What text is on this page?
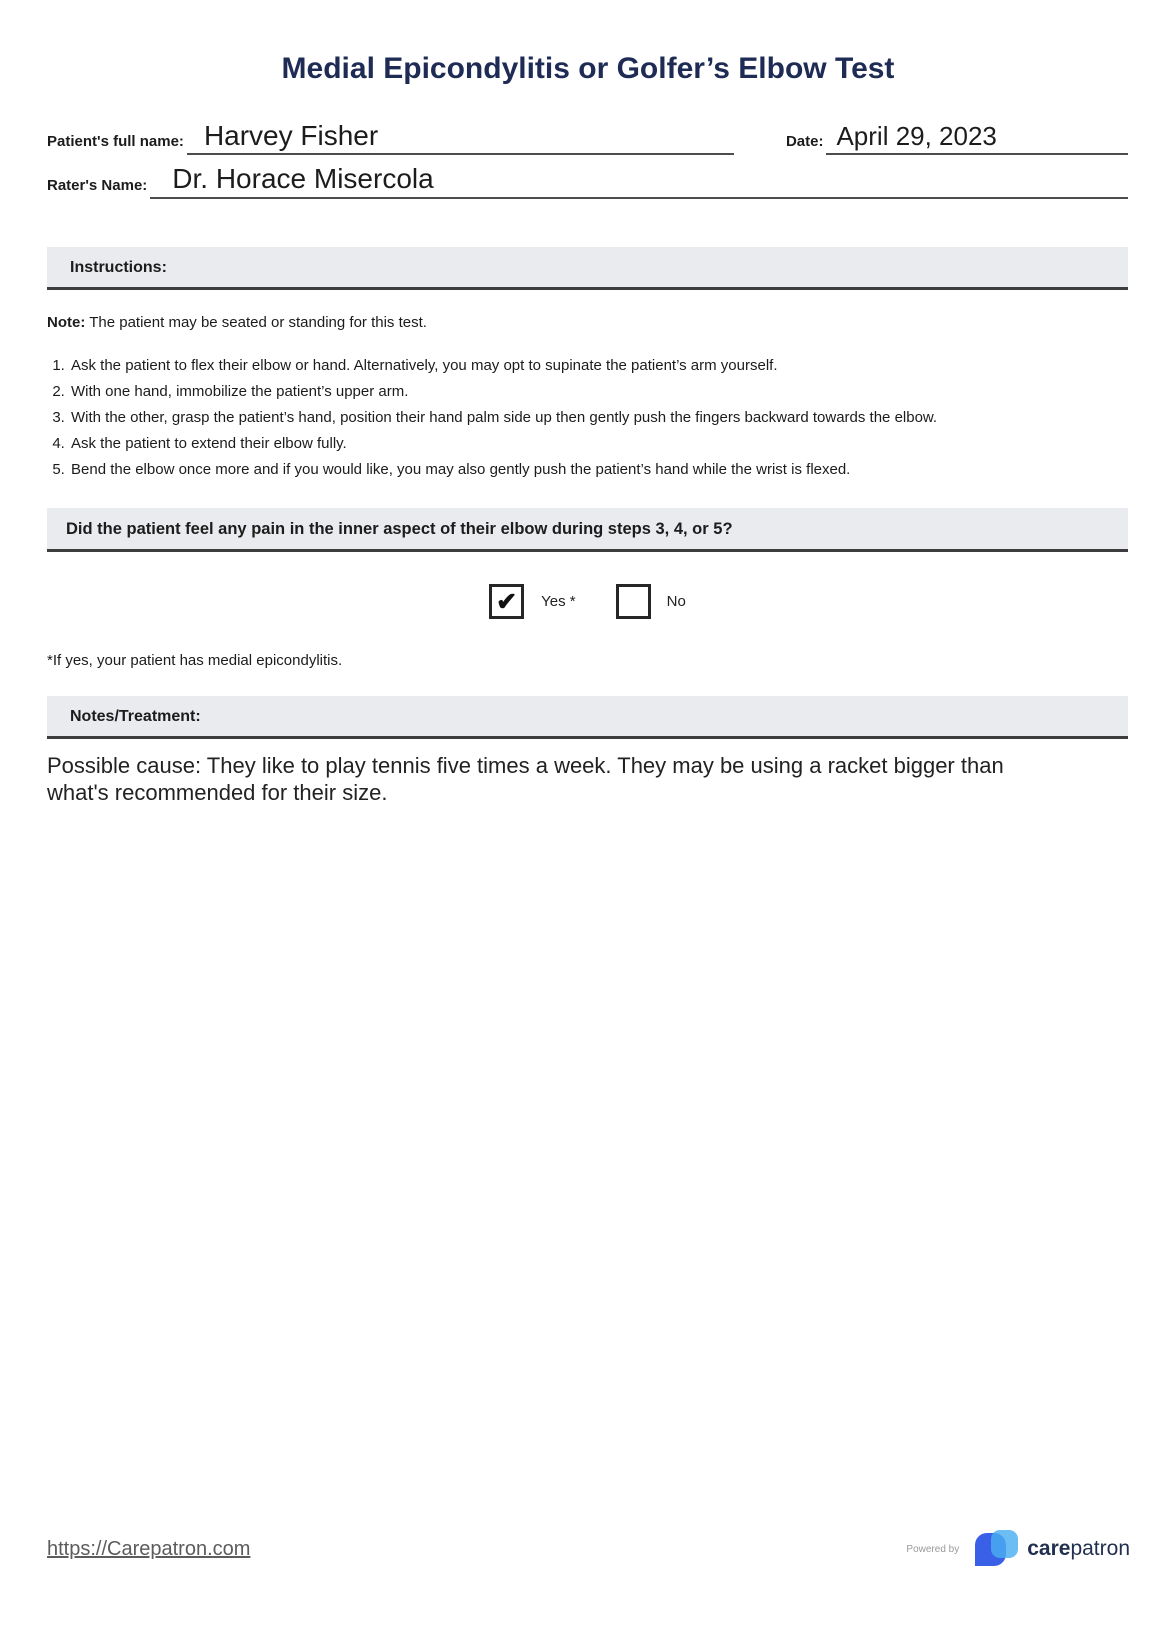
Medial Epicondylitis or Golfer’s Elbow Test
Patient's full name: Harvey Fisher	Date: April 29, 2023
Rater's Name: Dr. Horace Misercola
Instructions:

Note: The patient may be seated or standing for this test.

1. Ask the patient to flex their elbow or hand. Alternatively, you may opt to supinate the patient’s arm yourself.
2. With one hand, immobilize the patient’s upper arm.
3. With the other, grasp the patient’s hand, position their hand palm side up then gently push the fingers backward towards the elbow.
4. Ask the patient to extend their elbow fully.
5. Bend the elbow once more and if you would like, you may also gently push the patient’s hand while the wrist is flexed.
Did the patient feel any pain in the inner aspect of their elbow during steps 3, 4, or 5?
✔ Yes *	No

*If yes, your patient has medial epicondylitis.

Notes/Treatment:

Possible cause: They like to play tennis five times a week. They may be using a racket bigger than what's recommended for their size.

https://Carepatron.com	Powered by	carepatron
